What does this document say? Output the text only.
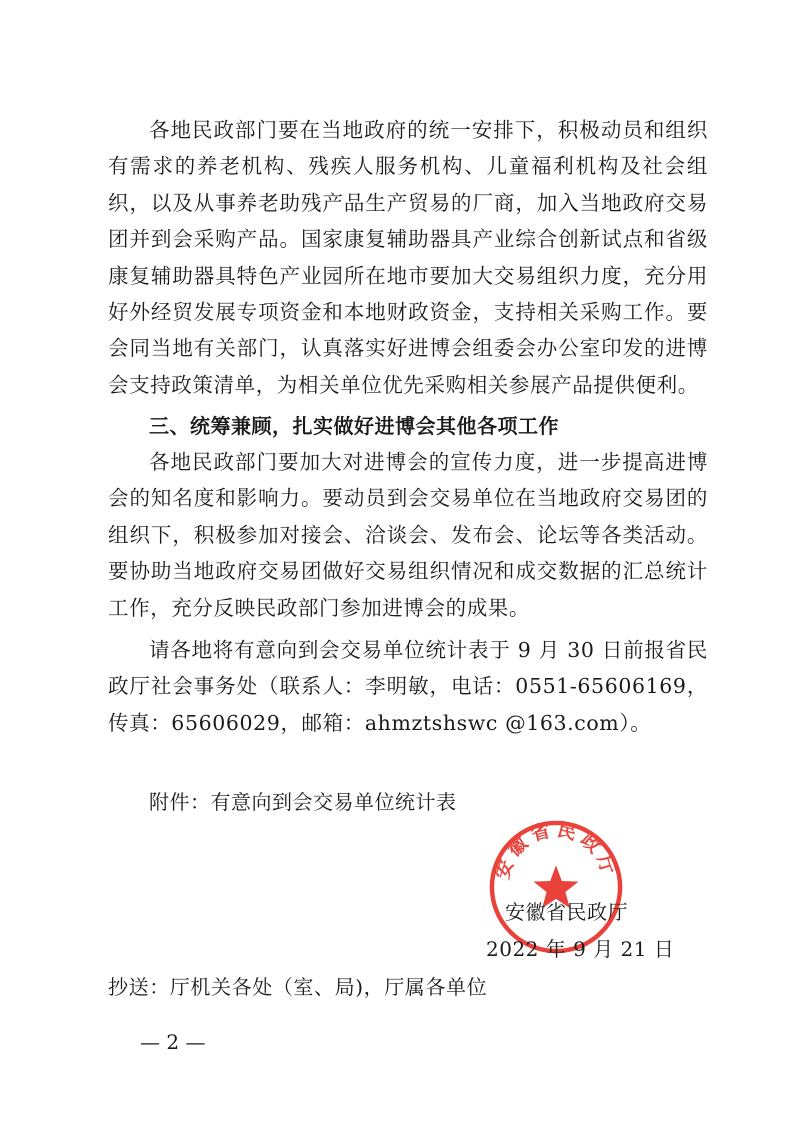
各地民政部门要在当地政府的统一安排下，积极动员和组织有需求的养老机构、残疾人服务机构、儿童福利机构及社会组织，以及从事养老助残产品生产贸易的厂商，加入当地政府交易团并到会采购产品。国家康复辅助器具产业综合创新试点和省级康复辅助器具特色产业园所在地市要加大交易组织力度，充分用好外经贸发展专项资金和本地财政资金，支持相关采购工作。要会同当地有关部门，认真落实好进博会组委会办公室印发的进博会支持政策清单，为相关单位优先采购相关参展产品提供便利。

三、统筹兼顾，扎实做好进博会其他各项工作

各地民政部门要加大对进博会的宣传力度，进一步提高进博会的知名度和影响力。要动员到会交易单位在当地政府交易团的组织下，积极参加对接会、洽谈会、发布会、论坛等各类活动。要协助当地政府交易团做好交易组织情况和成交数据的汇总统计工作，充分反映民政部门参加进博会的成果。

请各地将有意向到会交易单位统计表于 9 月 30 日前报省民政厅社会事务处（联系人：李明敏，电话：0551-65606169，传真：65606029，邮箱：ahmztshswc @163.com）。

附件：有意向到会交易单位统计表
安徽省民政厅
安徽省民政厅
2022 年 9 月 21 日
抄送：厅机关各处（室、局)，厅属各单位
— 2 —
